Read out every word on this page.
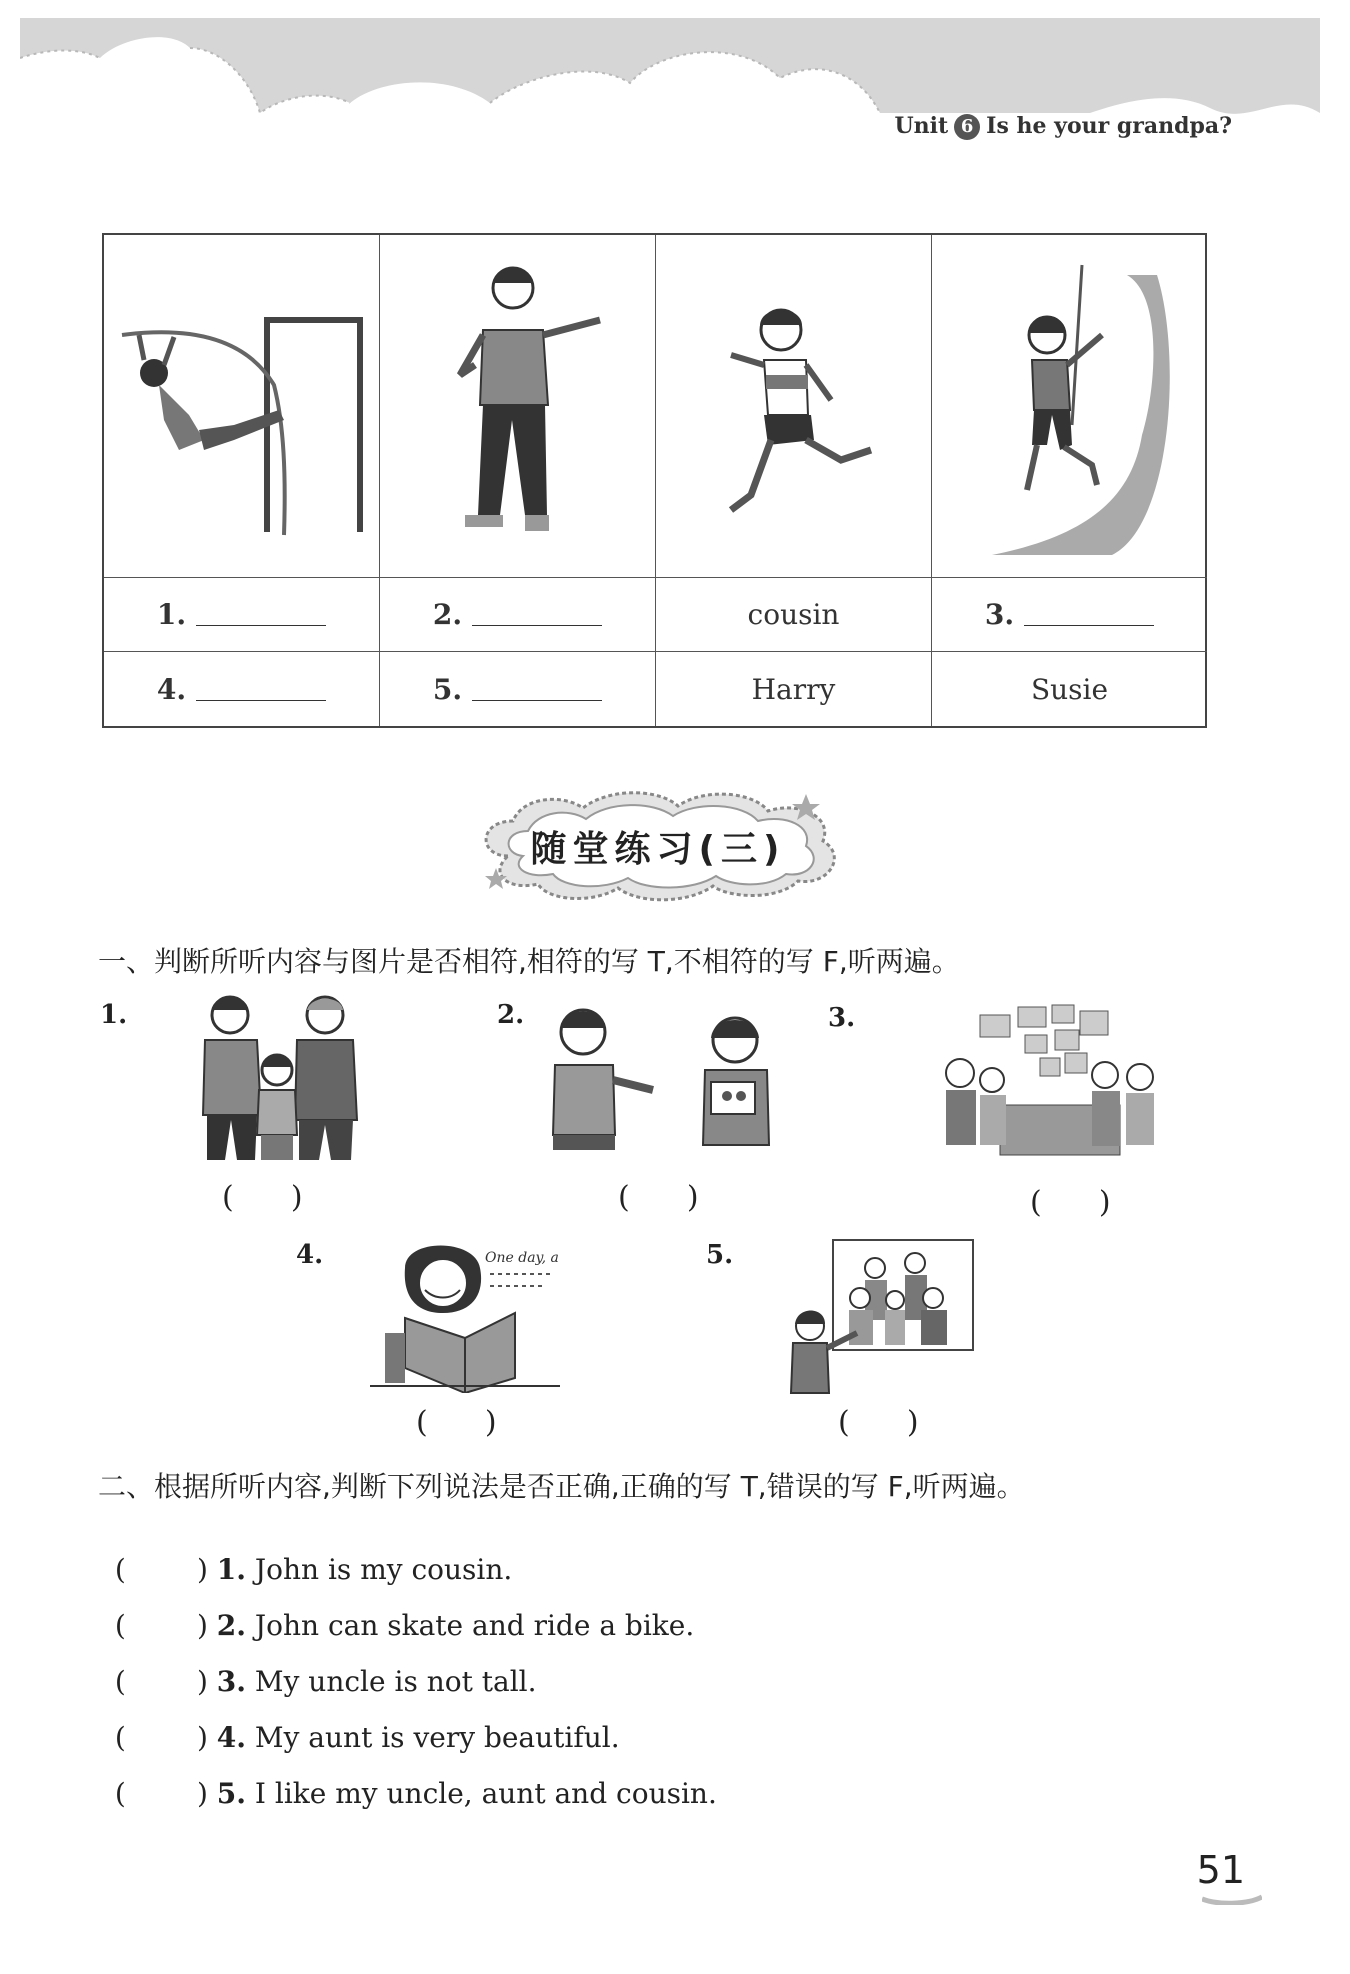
Unit 6 Is he your grandpa?
1.	2.	cousin	3.
4.	5.	Harry	Susie
随堂练习(三)
一、判断所听内容与图片是否相符,相符的写 T,不相符的写 F,听两遍。
1.
(      )
2.
(      )
3.
(      )
4.	One day, a
(      )
5.
(      )
二、根据所听内容,判断下列说法是否正确,正确的写 T,错误的写 F,听两遍。

(        ) 1. John is my cousin.

(        ) 2. John can skate and ride a bike.

(        ) 3. My uncle is not tall.

(        ) 4. My aunt is very beautiful.

(        ) 5. I like my uncle, aunt and cousin.

51
